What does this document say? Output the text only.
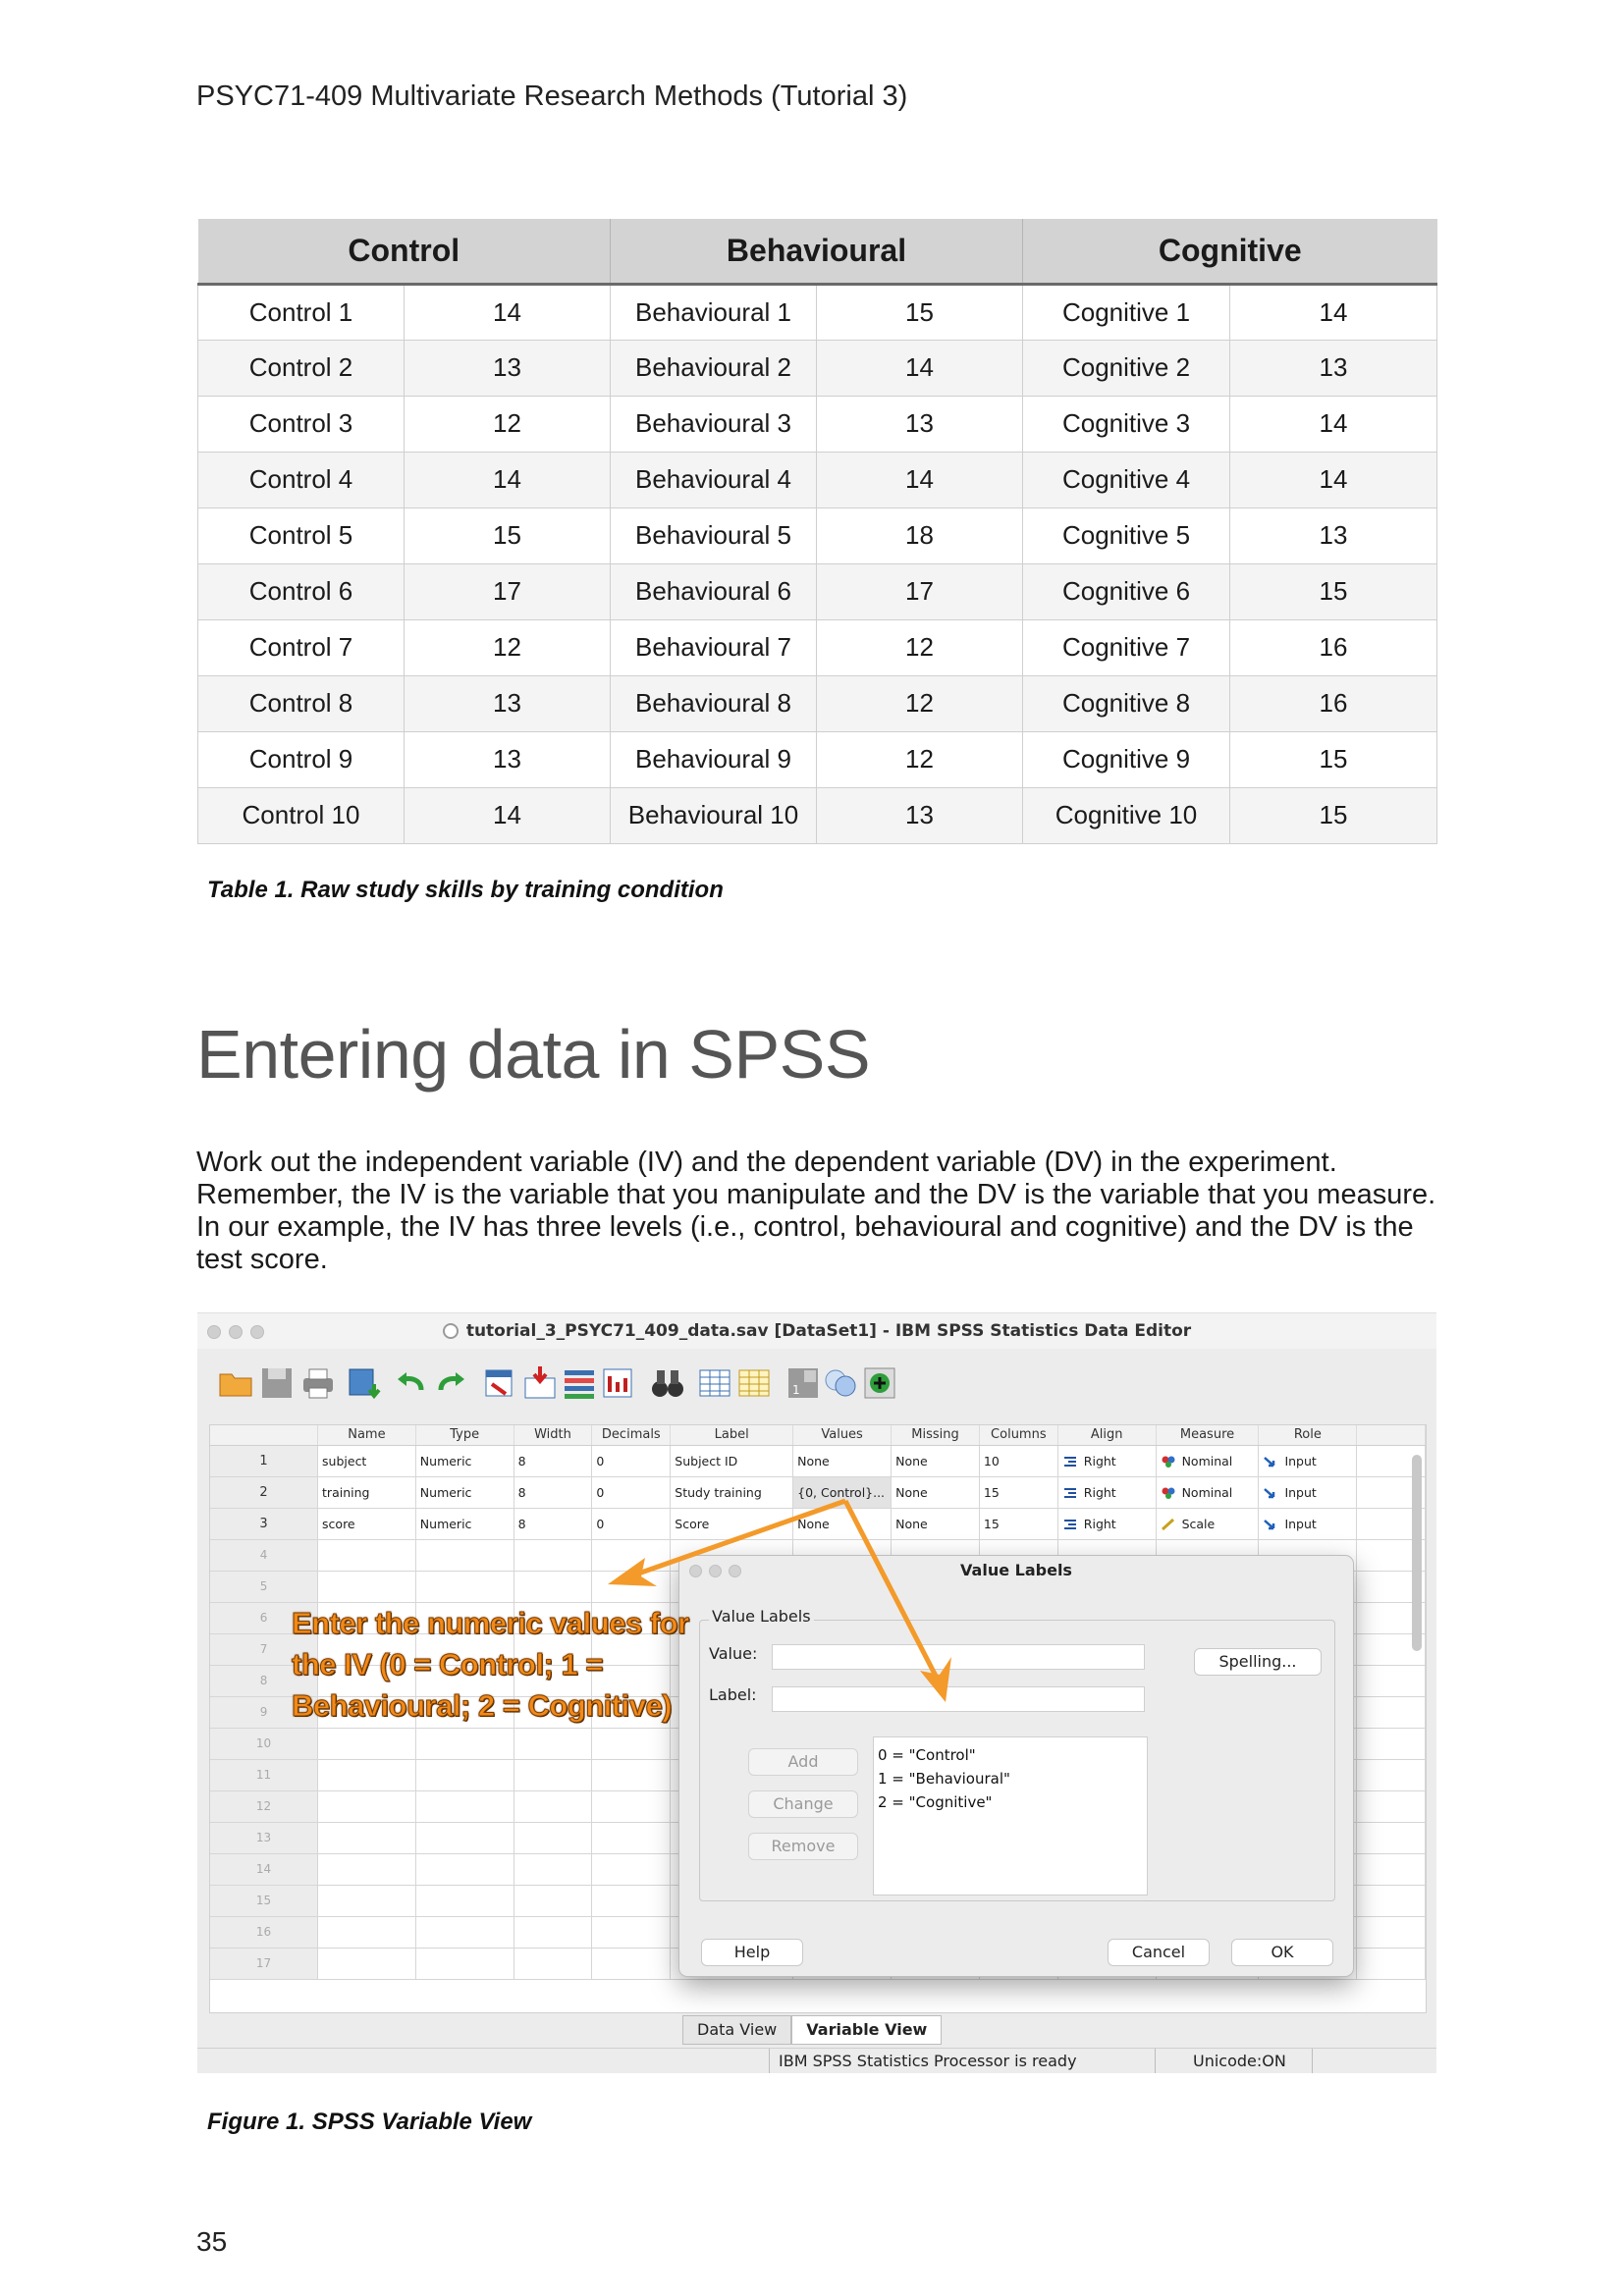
PSYC71-409 Multivariate Research Methods (Tutorial 3)
Control		Behavioural		Cognitive	
Control 1	14	Behavioural 1	15	Cognitive 1	14
Control 2	13	Behavioural 2	14	Cognitive 2	13
Control 3	12	Behavioural 3	13	Cognitive 3	14
Control 4	14	Behavioural 4	14	Cognitive 4	14
Control 5	15	Behavioural 5	18	Cognitive 5	13
Control 6	17	Behavioural 6	17	Cognitive 6	15
Control 7	12	Behavioural 7	12	Cognitive 7	16
Control 8	13	Behavioural 8	12	Cognitive 8	16
Control 9	13	Behavioural 9	12	Cognitive 9	15
Control 10	14	Behavioural 10	13	Cognitive 10	15
Table 1. Raw study skills by training condition
Entering data in SPSS

Work out the independent variable (IV) and the dependent variable (DV) in the experiment. Remember, the IV is the variable that you manipulate and the DV is the variable that you measure. In our example, the IV has three levels (i.e., control, behavioural and cognitive) and the DV is the test score.

tutorial_3_PSYC71_409_data.sav [DataSet1] - IBM SPSS Statistics Data Editor
1
	Name	Type	Width	Decimals	Label	Values	Missing	Columns	Align	Measure	Role	
1	subject	Numeric	8	0	Subject ID	None	None	10	Right	Nominal	Input	
2	training	Numeric	8	0	Study training	{0, Control}...	None	15	Right	Nominal	Input	
3	score	Numeric	8	0	Score	None	None	15	Right	Scale	Input	
4												
5												
6												
7												
8												
9												
10												
11												
12												
13												
14												
15												
16												
17												
Data View	Variable View
IBM SPSS Statistics Processor is ready	Unicode:ON
Value Labels
Value Labels
Value:
Label:
Spelling...
Add
Change
Remove
0 = "Control"
1 = "Behavioural"
2 = "Cognitive"
Help	Cancel	OK
Enter the numeric values for the IV (0 = Control; 1 = Behavioural; 2 = Cognitive)
Figure 1. SPSS Variable View
35
